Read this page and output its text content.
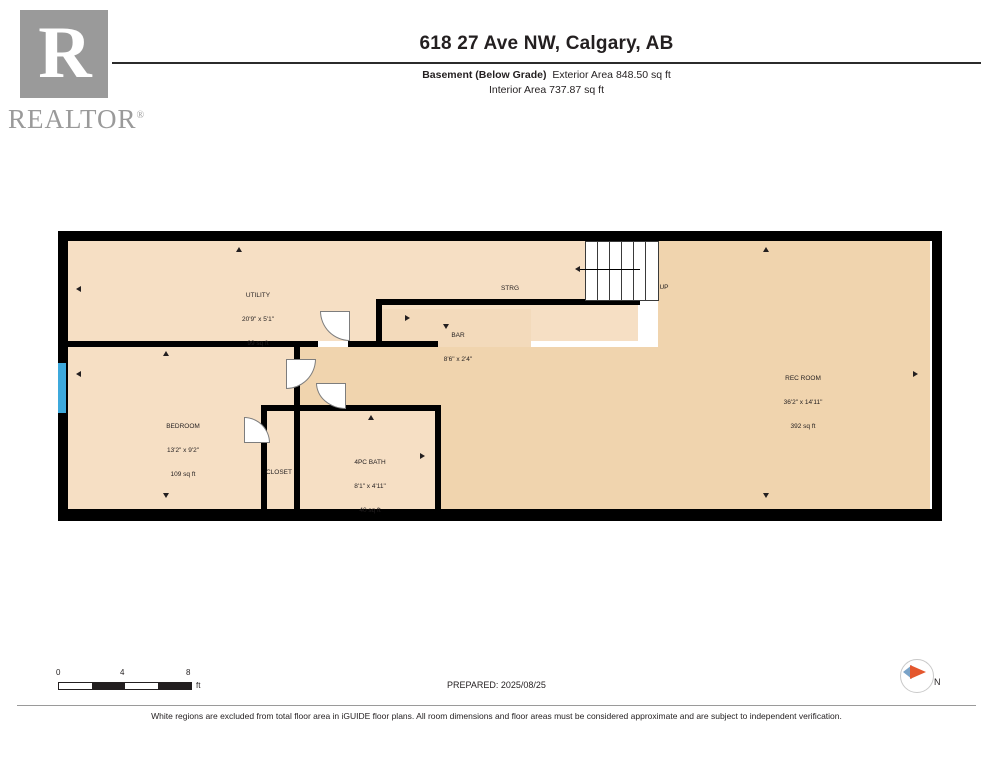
R
REALTOR®
618 27 Ave NW, Calgary, AB
Basement (Below Grade) Exterior Area 848.50 sq ft
Interior Area 737.87 sq ft

UTILITY

20'9" x 5'1"

99 sq ft

STRG

	UP

BAR

8'6" x 2'4"

REC ROOM

36'2" x 14'11"

392 sq ft

BEDROOM

13'2" x 9'2"

109 sq ft

	CLOSET

4PC BATH

8'1" x 4'11"

40 sq ft

0	4	8
ft	PREPARED: 2025/08/25	N
White regions are excluded from total floor area in iGUIDE floor plans. All room dimensions and floor areas must be considered approximate and are subject to independent verification.
